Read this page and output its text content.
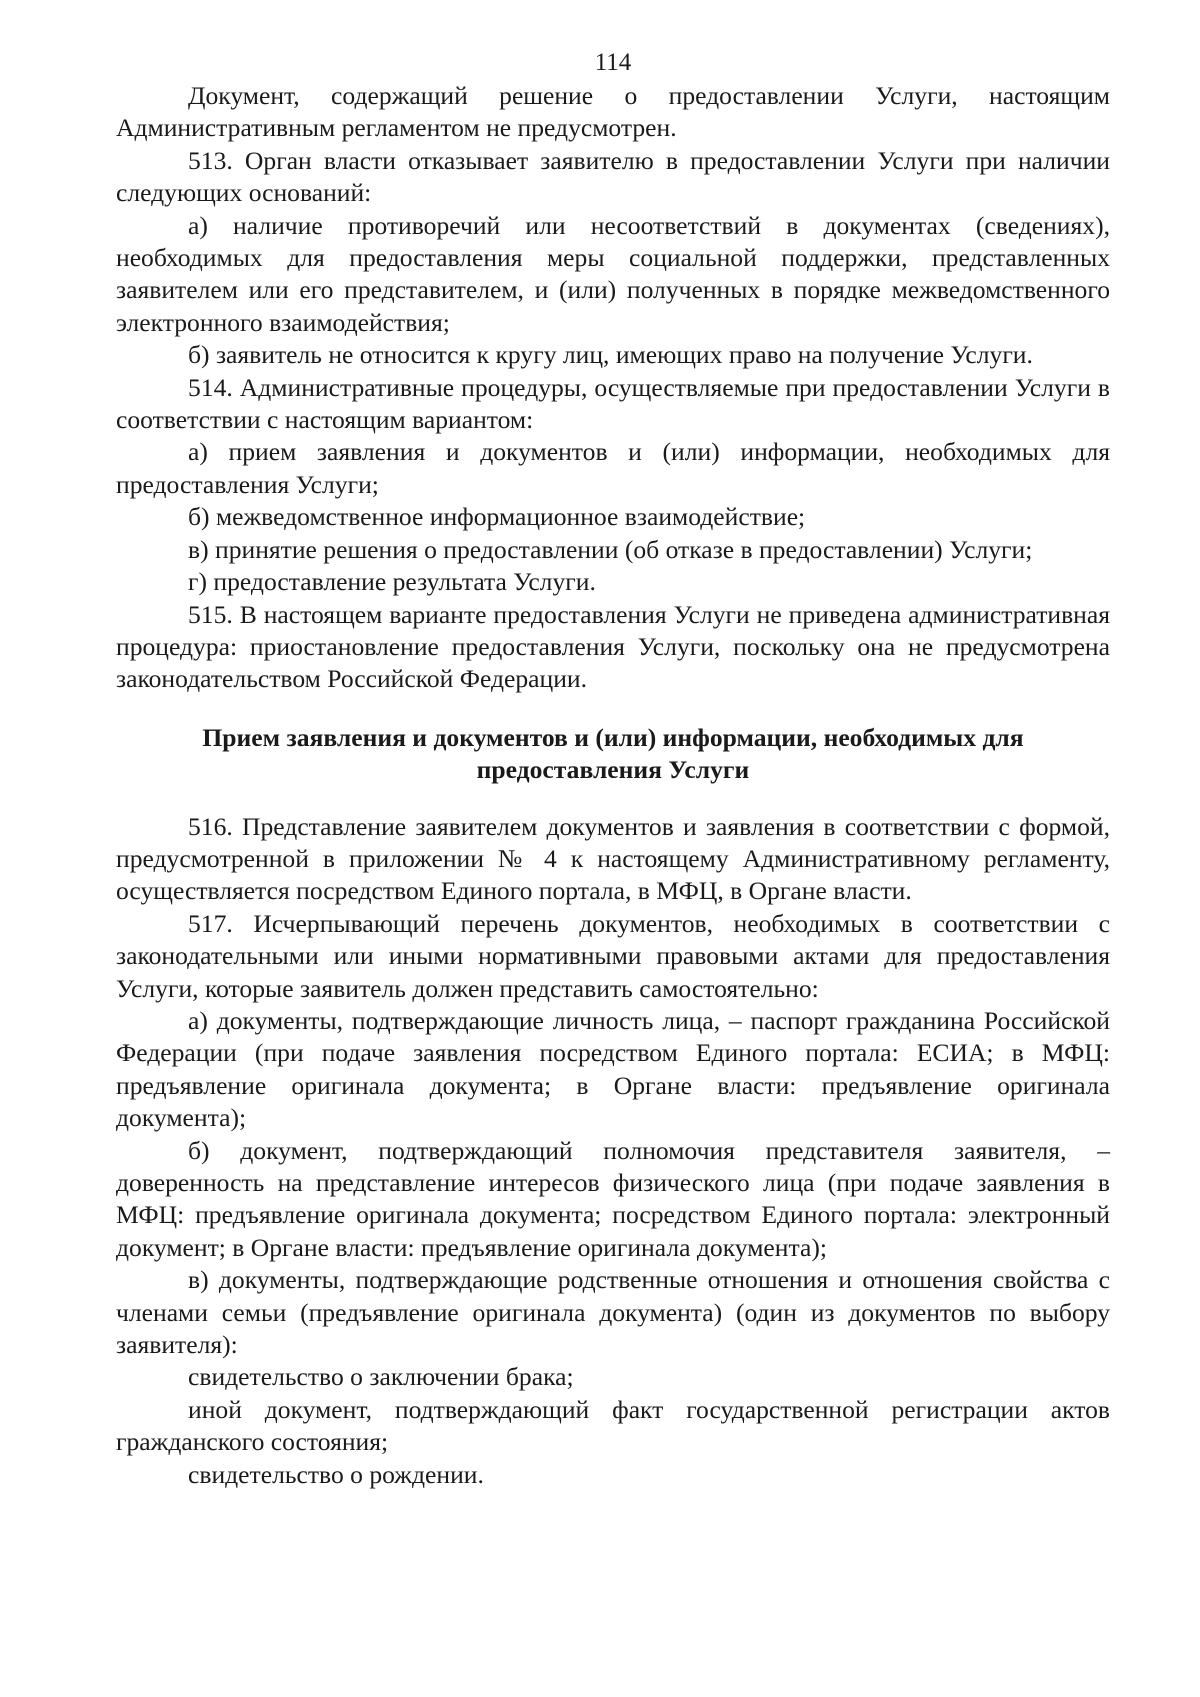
114

Документ, содержащий решение о предоставлении Услуги, настоящим Административным регламентом не предусмотрен.

513. Орган власти отказывает заявителю в предоставлении Услуги при наличии следующих оснований:

а) наличие противоречий или несоответствий в документах (сведениях), необходимых для предоставления меры социальной поддержки, представленных заявителем или его представителем, и (или) полученных в порядке межведомственного электронного взаимодействия;

б) заявитель не относится к кругу лиц, имеющих право на получение Услуги.

514. Административные процедуры, осуществляемые при предоставлении Услуги в соответствии с настоящим вариантом:

а) прием заявления и документов и (или) информации, необходимых для предоставления Услуги;

б) межведомственное информационное взаимодействие;

в) принятие решения о предоставлении (об отказе в предоставлении) Услуги;

г) предоставление результата Услуги.

515. В настоящем варианте предоставления Услуги не приведена административная процедура: приостановление предоставления Услуги, поскольку она не предусмотрена законодательством Российской Федерации.

Прием заявления и документов и (или) информации, необходимых для предоставления Услуги

516. Представление заявителем документов и заявления в соответствии с формой, предусмотренной в приложении № 4 к настоящему Административному регламенту, осуществляется посредством Единого портала, в МФЦ, в Органе власти.

517. Исчерпывающий перечень документов, необходимых в соответствии с законодательными или иными нормативными правовыми актами для предоставления Услуги, которые заявитель должен представить самостоятельно:

а) документы, подтверждающие личность лица, – паспорт гражданина Российской Федерации (при подаче заявления посредством Единого портала: ЕСИА; в МФЦ: предъявление оригинала документа; в Органе власти: предъявление оригинала документа);

б) документ, подтверждающий полномочия представителя заявителя, – доверенность на представление интересов физического лица (при подаче заявления в МФЦ: предъявление оригинала документа; посредством Единого портала: электронный документ; в Органе власти: предъявление оригинала документа);

в) документы, подтверждающие родственные отношения и отношения свойства с членами семьи (предъявление оригинала документа) (один из документов по выбору заявителя):

свидетельство о заключении брака;

иной документ, подтверждающий факт государственной регистрации актов гражданского состояния;

свидетельство о рождении.
